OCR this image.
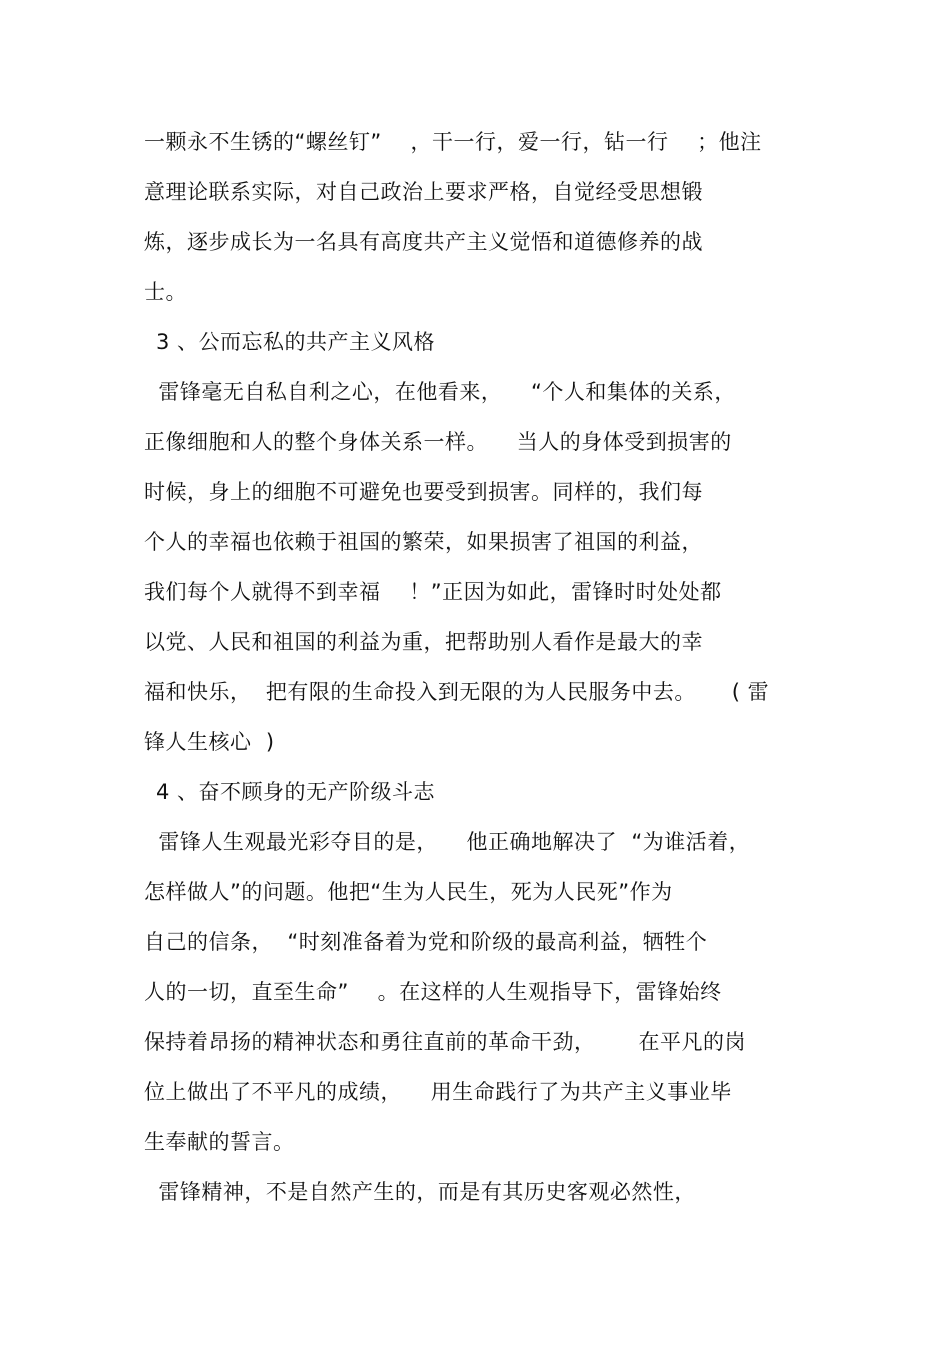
一颗永不生锈的“螺丝钉”    ，干一行，爱一行，钻一行    ；他注
意理论联系实际，对自己政治上要求严格，自觉经受思想锻
炼，逐步成长为一名具有高度共产主义觉悟和道德修养的战
士。
3 、公而忘私的共产主义风格
雷锋毫无自私自利之心，在他看来，    “个人和集体的关系，
正像细胞和人的整个身体关系一样。    当人的身体受到损害的
时候，身上的细胞不可避免也要受到损害。同样的，我们每
个人的幸福也依赖于祖国的繁荣，如果损害了祖国的利益，
我们每个人就得不到幸福    ！”正因为如此，雷锋时时处处都
以党、人民和祖国的利益为重，把帮助别人看作是最大的幸
福和快乐，  把有限的生命投入到无限的为人民服务中去。     ( 雷
锋人生核心  )
4 、奋不顾身的无产阶级斗志
雷锋人生观最光彩夺目的是，    他正确地解决了  “为谁活着，
怎样做人”的问题。他把“生为人民生，死为人民死”作为
自己的信条，  “时刻准备着为党和阶级的最高利益，牺牲个
人的一切，直至生命”    。在这样的人生观指导下，雷锋始终
保持着昂扬的精神状态和勇往直前的革命干劲，      在平凡的岗
位上做出了不平凡的成绩，    用生命践行了为共产主义事业毕
生奉献的誓言。
雷锋精神，不是自然产生的，而是有其历史客观必然性，
